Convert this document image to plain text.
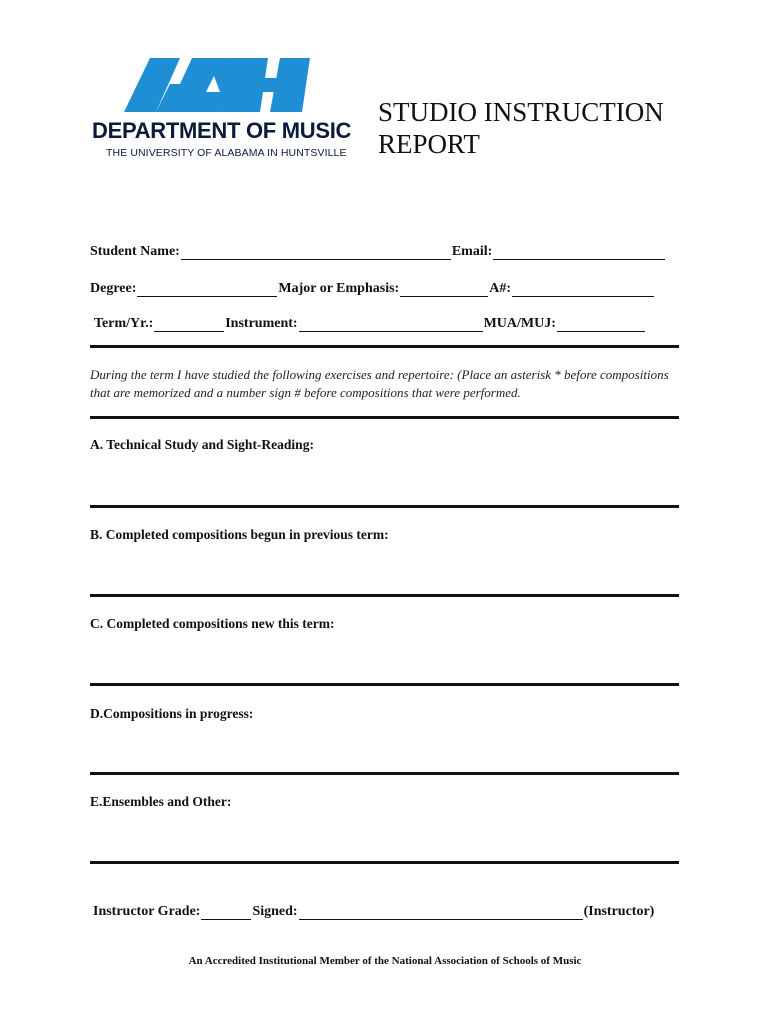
DEPARTMENT OF MUSIC
THE UNIVERSITY OF ALABAMA IN HUNTSVILLE
STUDIO INSTRUCTION
REPORT
Student Name:	Email:
Degree:	Major or Emphasis:	A#:
Term/Yr.:	Instrument:	MUA/MUJ:
During the term I have studied the following exercises and repertoire: (Place an asterisk * before compositions that are memorized and a number sign # before compositions that were performed.
A. Technical Study and Sight-Reading:
B. Completed compositions begun in previous term:
C. Completed compositions new this term:
D.Compositions in progress:
E.Ensembles and Other:
Instructor Grade:	Signed:	(Instructor)
An Accredited Institutional Member of the National Association of Schools of Music
